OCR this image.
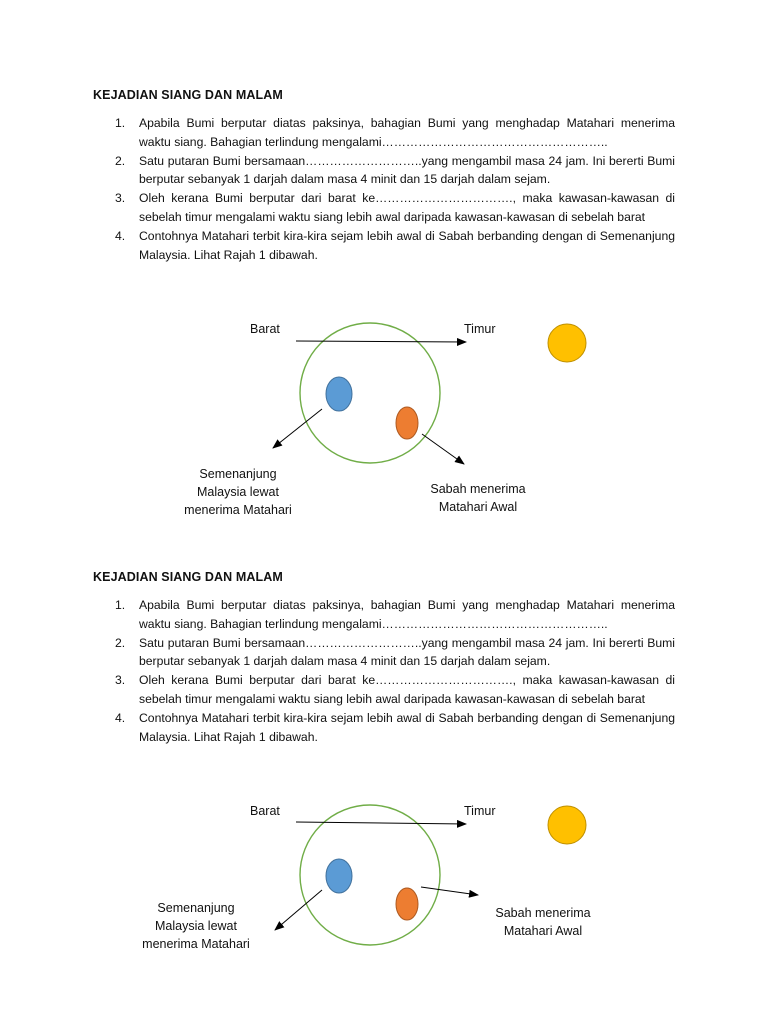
KEJADIAN SIANG DAN MALAM
1. Apabila Bumi berputar diatas paksinya, bahagian Bumi yang menghadap Matahari menerima waktu siang. Bahagian terlindung mengalami………………………………………………..
2. Satu putaran Bumi bersamaan………………………..yang mengambil masa 24 jam. Ini bererti Bumi berputar sebanyak 1 darjah dalam masa 4 minit dan 15 darjah dalam sejam.
3. Oleh kerana Bumi berputar dari barat ke……………………………., maka kawasan-kawasan di sebelah timur mengalami waktu siang lebih awal daripada kawasan-kawasan di sebelah barat
4. Contohnya Matahari terbit kira-kira sejam lebih awal di Sabah berbanding dengan di Semenanjung Malaysia. Lihat Rajah 1 dibawah.
Barat	Timur
Semenanjung
Malaysia lewat
menerima Matahari
Sabah menerima
Matahari Awal
KEJADIAN SIANG DAN MALAM
1. Apabila Bumi berputar diatas paksinya, bahagian Bumi yang menghadap Matahari menerima waktu siang. Bahagian terlindung mengalami………………………………………………..
2. Satu putaran Bumi bersamaan………………………..yang mengambil masa 24 jam. Ini bererti Bumi berputar sebanyak 1 darjah dalam masa 4 minit dan 15 darjah dalam sejam.
3. Oleh kerana Bumi berputar dari barat ke……………………………., maka kawasan-kawasan di sebelah timur mengalami waktu siang lebih awal daripada kawasan-kawasan di sebelah barat
4. Contohnya Matahari terbit kira-kira sejam lebih awal di Sabah berbanding dengan di Semenanjung Malaysia. Lihat Rajah 1 dibawah.
Barat	Timur
Semenanjung
Malaysia lewat
menerima Matahari
Sabah menerima
Matahari Awal
